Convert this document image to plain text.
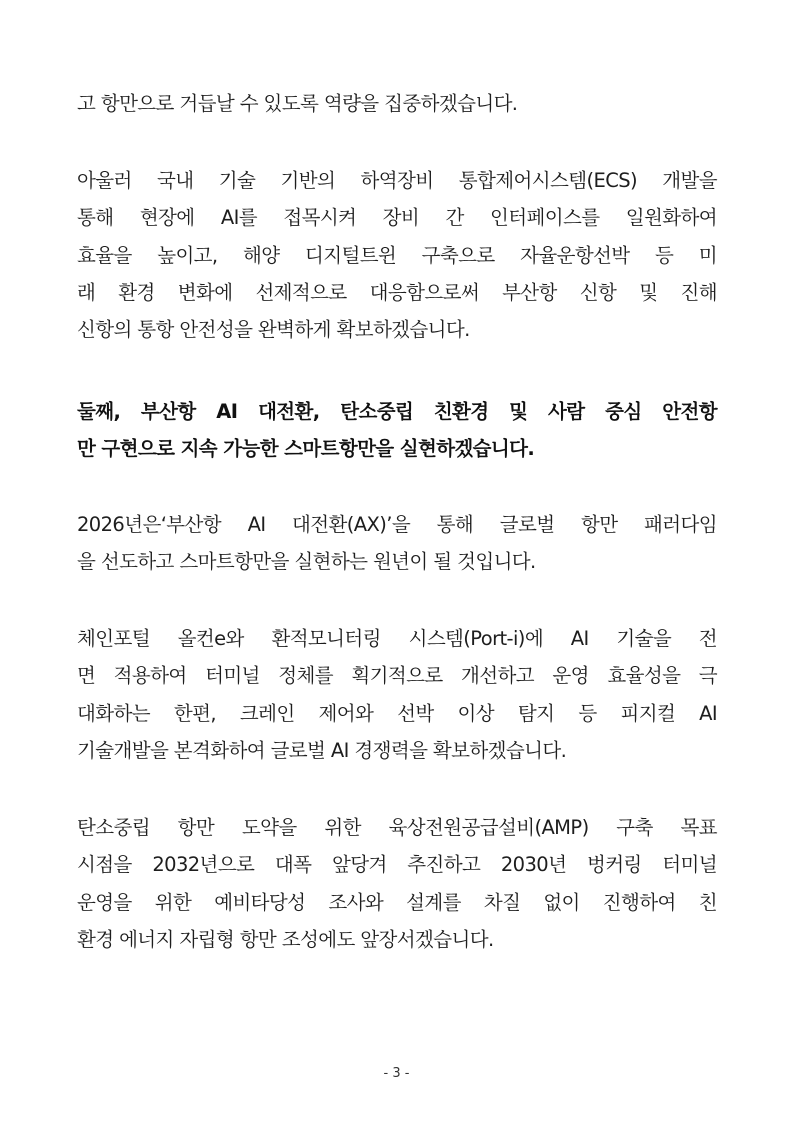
고 항만으로 거듭날 수 있도록 역량을 집중하겠습니다.
아울러 국내 기술 기반의 하역장비 통합제어시스템(ECS) 개발을
통해 현장에 AI를 접목시켜 장비 간 인터페이스를 일원화하여
효율을 높이고, 해양 디지털트윈 구축으로 자율운항선박 등 미
래 환경 변화에 선제적으로 대응함으로써 부산항 신항 및 진해
신항의 통항 안전성을 완벽하게 확보하겠습니다.
둘째, 부산항 AI 대전환, 탄소중립 친환경 및 사람 중심 안전항
만 구현으로 지속 가능한 스마트항만을 실현하겠습니다.
2026년은‘부산항 AI 대전환(AX)’을 통해 글로벌 항만 패러다임
을 선도하고 스마트항만을 실현하는 원년이 될 것입니다.
체인포털 올컨e와 환적모니터링 시스템(Port-i)에 AI 기술을 전
면 적용하여 터미널 정체를 획기적으로 개선하고 운영 효율성을 극
대화하는 한편, 크레인 제어와 선박 이상 탐지 등 피지컬 AI
기술개발을 본격화하여 글로벌 AI 경쟁력을 확보하겠습니다.
탄소중립 항만 도약을 위한 육상전원공급설비(AMP) 구축 목표
시점을 2032년으로 대폭 앞당겨 추진하고 2030년 벙커링 터미널
운영을 위한 예비타당성 조사와 설계를 차질 없이 진행하여 친
환경 에너지 자립형 항만 조성에도 앞장서겠습니다.
- 3 -
